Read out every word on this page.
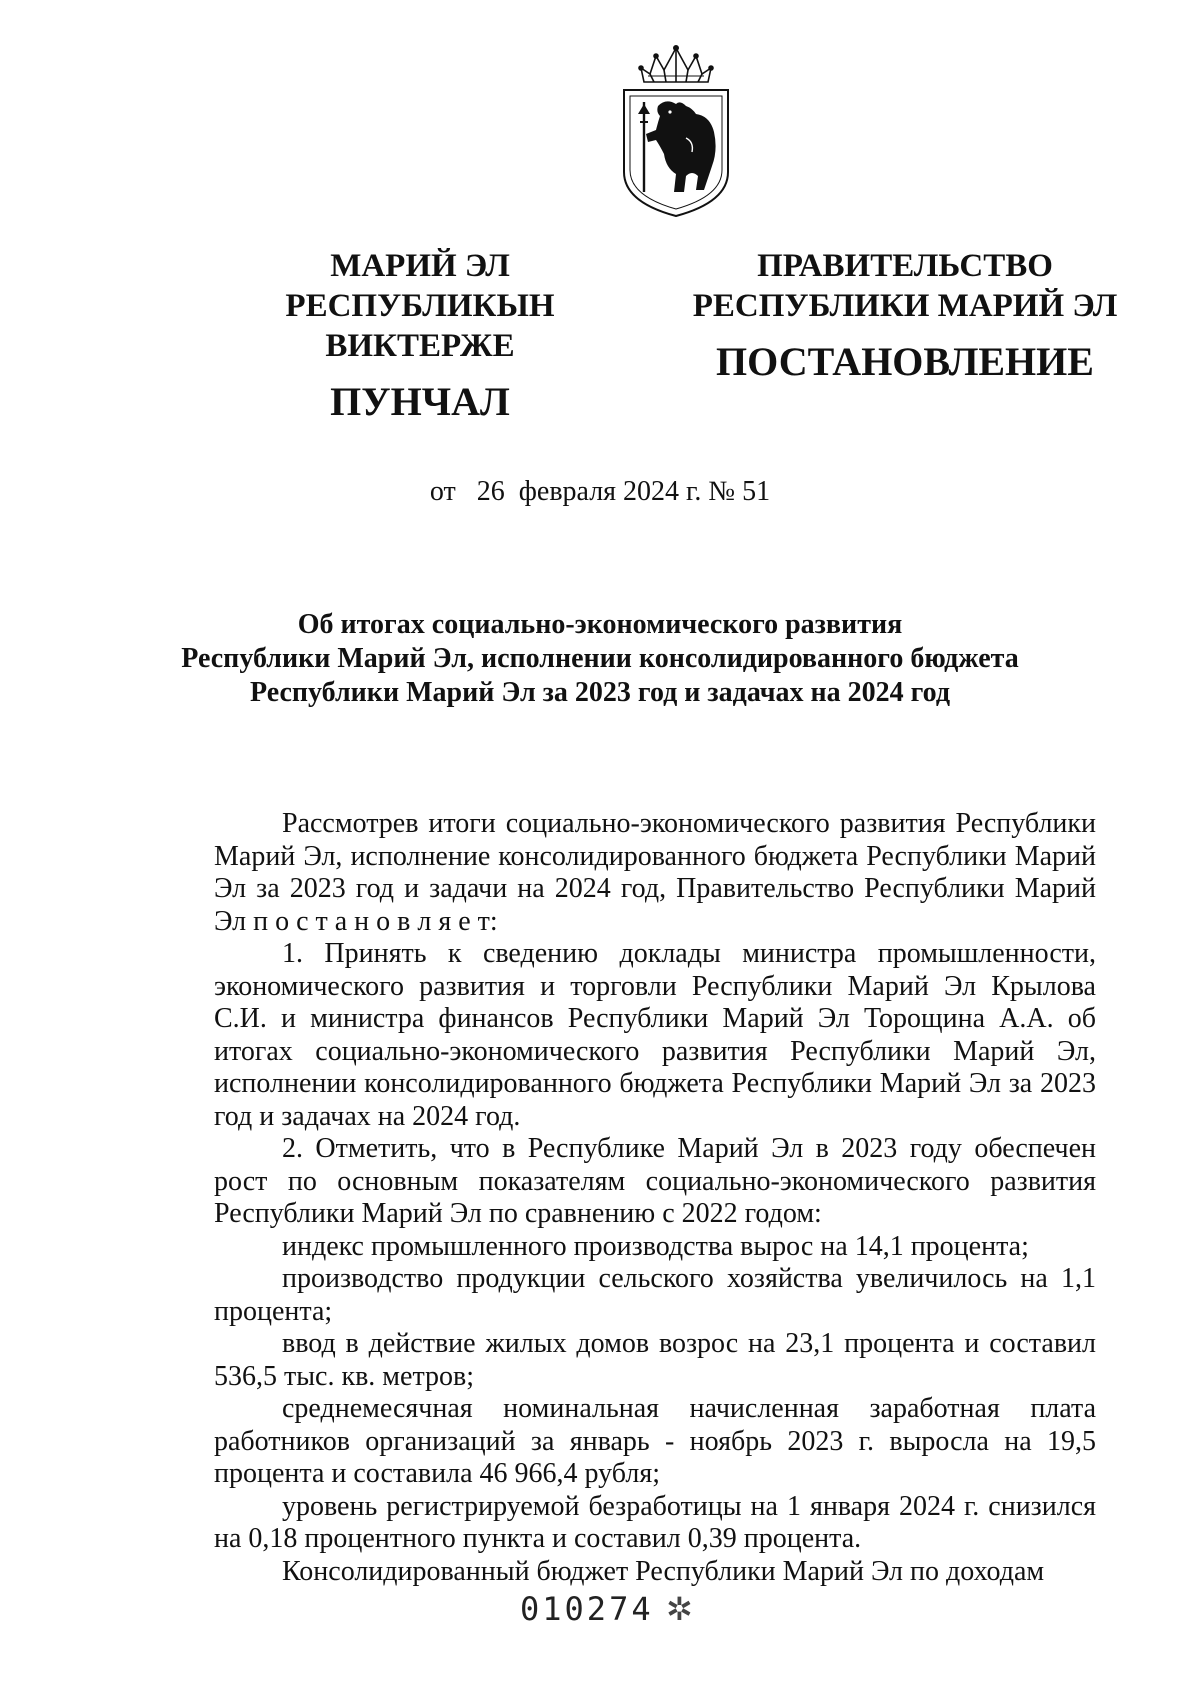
МАРИЙ ЭЛ РЕСПУБЛИКЫН
ВИКТЕРЖЕ
ПУНЧАЛ
ПРАВИТЕЛЬСТВО
РЕСПУБЛИКИ МАРИЙ ЭЛ
ПОСТАНОВЛЕНИЕ
от   26  февраля 2024 г. № 51
Об итогах социально-экономического развития
Республики Марий Эл, исполнении консолидированного бюджета
Республики Марий Эл за 2023 год и задачах на 2024 год

Рассмотрев итоги социально-экономического развития Республики Марий Эл, исполнение консолидированного бюджета Республики Марий Эл за 2023 год и задачи на 2024 год, Правительство Республики Марий Эл п о с т а н о в л я е т:

1. Принять к сведению доклады министра промышленности, экономического развития и торговли Республики Марий Эл Крылова С.И. и министра финансов Республики Марий Эл Торощина А.А. об итогах социально-экономического развития Республики Марий Эл, исполнении консолидированного бюджета Республики Марий Эл за 2023 год и задачах на 2024 год.

2. Отметить, что в Республике Марий Эл в 2023 году обеспечен рост по основным показателям социально-экономического развития Республики Марий Эл по сравнению с 2022 годом:

индекс промышленного производства вырос на 14,1 процента;

производство продукции сельского хозяйства увеличилось на 1,1 процента;

ввод в действие жилых домов возрос на 23,1 процента и составил 536,5 тыс. кв. метров;

среднемесячная номинальная начисленная заработная плата работников организаций за январь - ноябрь 2023 г. выросла на 19,5 процента и составила 46 966,4 рубля;

уровень регистрируемой безработицы на 1 января 2024 г. снизился на 0,18 процентного пункта и составил 0,39 процента.

Консолидированный бюджет Республики Марий Эл по доходам

010274 ✲
